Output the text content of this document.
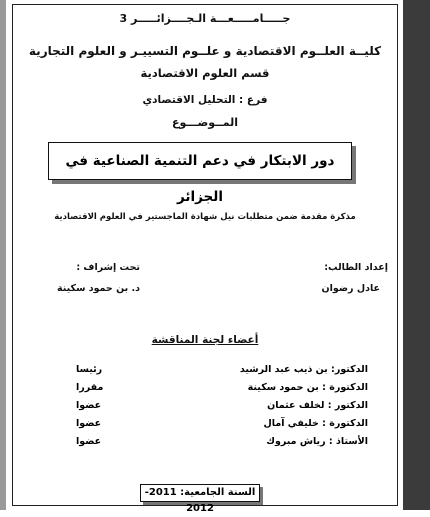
جـــــامـــــعـــة الـجــــزائـــــر 3
كليــة العلــوم الاقتصادية و علــوم التسييـر و العلوم التجارية
قسم العلوم الاقتصادية
فرع : التحليل الاقتصادي
المــوضـــوع
دور الابتكار في دعم التنمية الصناعية في الجزائر
مذكرة مقدمة ضمن متطلبات نيل شهادة الماجستير في العلوم الاقتصادية
إعداد الطالب:
عادل رضوان
تحت إشراف :
د. بن حمود سكينة
أعضاء لجنة المناقشة
الدكتور: بن ذيب عبد الرشيد
رئيسا
الدكتورة : بن حمود سكينة
مقررا
الدكتور : لخلف عثمان
عضوا
الدكتورة : خليفي آمال
عضوا
الأستاذ : رياش مبروك
عضوا
السنة الجامعية: 2011- 2012
